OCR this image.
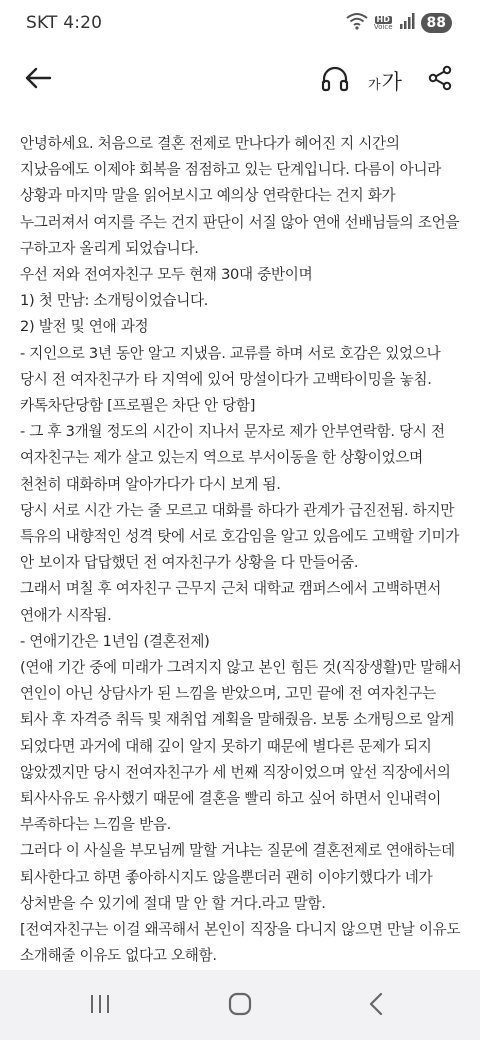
SKT 4:20	HD
Voice	88
가 가

안녕하세요. 처음으로 결혼 전제로 만나다가 헤어진 지 시간의

지났음에도 이제야 회복을 점점하고 있는 단계입니다. 다름이 아니라

상황과 마지막 말을 읽어보시고 예의상 연락한다는 건지 화가

누그러져서 여지를 주는 건지 판단이 서질 않아 연애 선배님들의 조언을

구하고자 올리게 되었습니다.

우선 저와 전여자친구 모두 현재 30대 중반이며

1) 첫 만남: 소개팅이었습니다.

2) 발전 및 연애 과정

- 지인으로 3년 동안 알고 지냈음. 교류를 하며 서로 호감은 있었으나

당시 전 여자친구가 타 지역에 있어 망설이다가 고백타이밍을 놓침.

카톡차단당함 [프로필은 차단 안 당함]

- 그 후 3개월 정도의 시간이 지나서 문자로 제가 안부연락함. 당시 전

여자친구는 제가 살고 있는지 역으로 부서이동을 한 상황이었으며

천천히 대화하며 알아가다가 다시 보게 됨.

당시 서로 시간 가는 줄 모르고 대화를 하다가 관계가 급진전됨. 하지만

특유의 내향적인 성격 탓에 서로 호감임을 알고 있음에도 고백할 기미가

안 보이자 답답했던 전 여자친구가 상황을 다 만들어줌.

그래서 며칠 후 여자친구 근무지 근처 대학교 캠퍼스에서 고백하면서

연애가 시작됨.

- 연애기간은 1년임 (결혼전제)

(연애 기간 중에 미래가 그려지지 않고 본인 힘든 것(직장생활)만 말해서

연인이 아닌 상담사가 된 느낌을 받았으며, 고민 끝에 전 여자친구는

퇴사 후 자격증 취득 및 재취업 계획을 말해줬음. 보통 소개팅으로 알게

되었다면 과거에 대해 깊이 알지 못하기 때문에 별다른 문제가 되지

않았겠지만 당시 전여자친구가 세 번째 직장이었으며 앞선 직장에서의

퇴사사유도 유사했기 때문에 결혼을 빨리 하고 싶어 하면서 인내력이

부족하다는 느낌을 받음.

그러다 이 사실을 부모님께 말할 거냐는 질문에 결혼전제로 연애하는데

퇴사한다고 하면 좋아하시지도 않을뿐더러 괜히 이야기했다가 네가

상처받을 수 있기에 절대 말 안 할 거다.라고 말함.

[전여자친구는 이걸 왜곡해서 본인이 직장을 다니지 않으면 만날 이유도

소개해줄 이유도 없다고 오해함.
